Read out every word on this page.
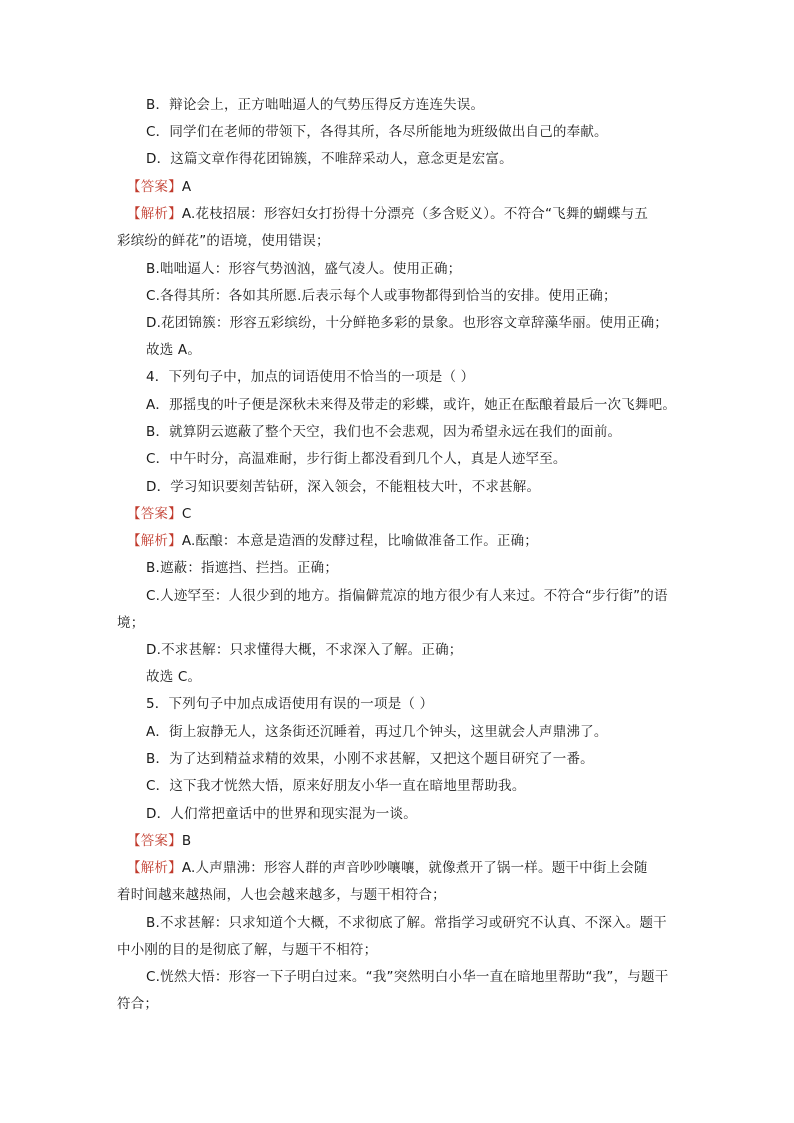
B．辩论会上，正方咄咄逼人的气势压得反方连连失误。
C．同学们在老师的带领下，各得其所，各尽所能地为班级做出自己的奉献。
D．这篇文章作得花团锦簇，不唯辞采动人，意念更是宏富。
【答案】A
【解析】A.花枝招展：形容妇女打扮得十分漂亮（多含贬义）。不符合“飞舞的蝴蝶与五
彩缤纷的鲜花”的语境，使用错误；
B.咄咄逼人：形容气势汹汹，盛气凌人。使用正确；
C.各得其所：各如其所愿.后表示每个人或事物都得到恰当的安排。使用正确；
D.花团锦簇：形容五彩缤纷，十分鲜艳多彩的景象。也形容文章辞藻华丽。使用正确；
故选 A。
4．下列句子中，加点的词语使用不恰当的一项是（ ）
A．那摇曳的叶子便是深秋未来得及带走的彩蝶，或许，她正在酝酿着最后一次飞舞吧。
B．就算阴云遮蔽了整个天空，我们也不会悲观，因为希望永远在我们的面前。
C．中午时分，高温难耐，步行街上都没看到几个人，真是人迹罕至。
D．学习知识要刻苦钻研，深入领会，不能粗枝大叶，不求甚解。
【答案】C
【解析】A.酝酿：本意是造酒的发酵过程，比喻做准备工作。正确；
B.遮蔽：指遮挡、拦挡。正确；
C.人迹罕至：人很少到的地方。指偏僻荒凉的地方很少有人来过。不符合“步行街”的语
境；
D.不求甚解：只求懂得大概，不求深入了解。正确；
故选 C。
5．下列句子中加点成语使用有误的一项是（ ）
A．街上寂静无人，这条街还沉睡着，再过几个钟头，这里就会人声鼎沸了。
B．为了达到精益求精的效果，小刚不求甚解，又把这个题目研究了一番。
C．这下我才恍然大悟，原来好朋友小华一直在暗地里帮助我。
D．人们常把童话中的世界和现实混为一谈。
【答案】B
【解析】A.人声鼎沸：形容人群的声音吵吵嚷嚷，就像煮开了锅一样。题干中街上会随
着时间越来越热闹，人也会越来越多，与题干相符合；
B.不求甚解：只求知道个大概，不求彻底了解。常指学习或研究不认真、不深入。题干
中小刚的目的是彻底了解，与题干不相符；
C.恍然大悟：形容一下子明白过来。“我”突然明白小华一直在暗地里帮助“我”，与题干
符合；
